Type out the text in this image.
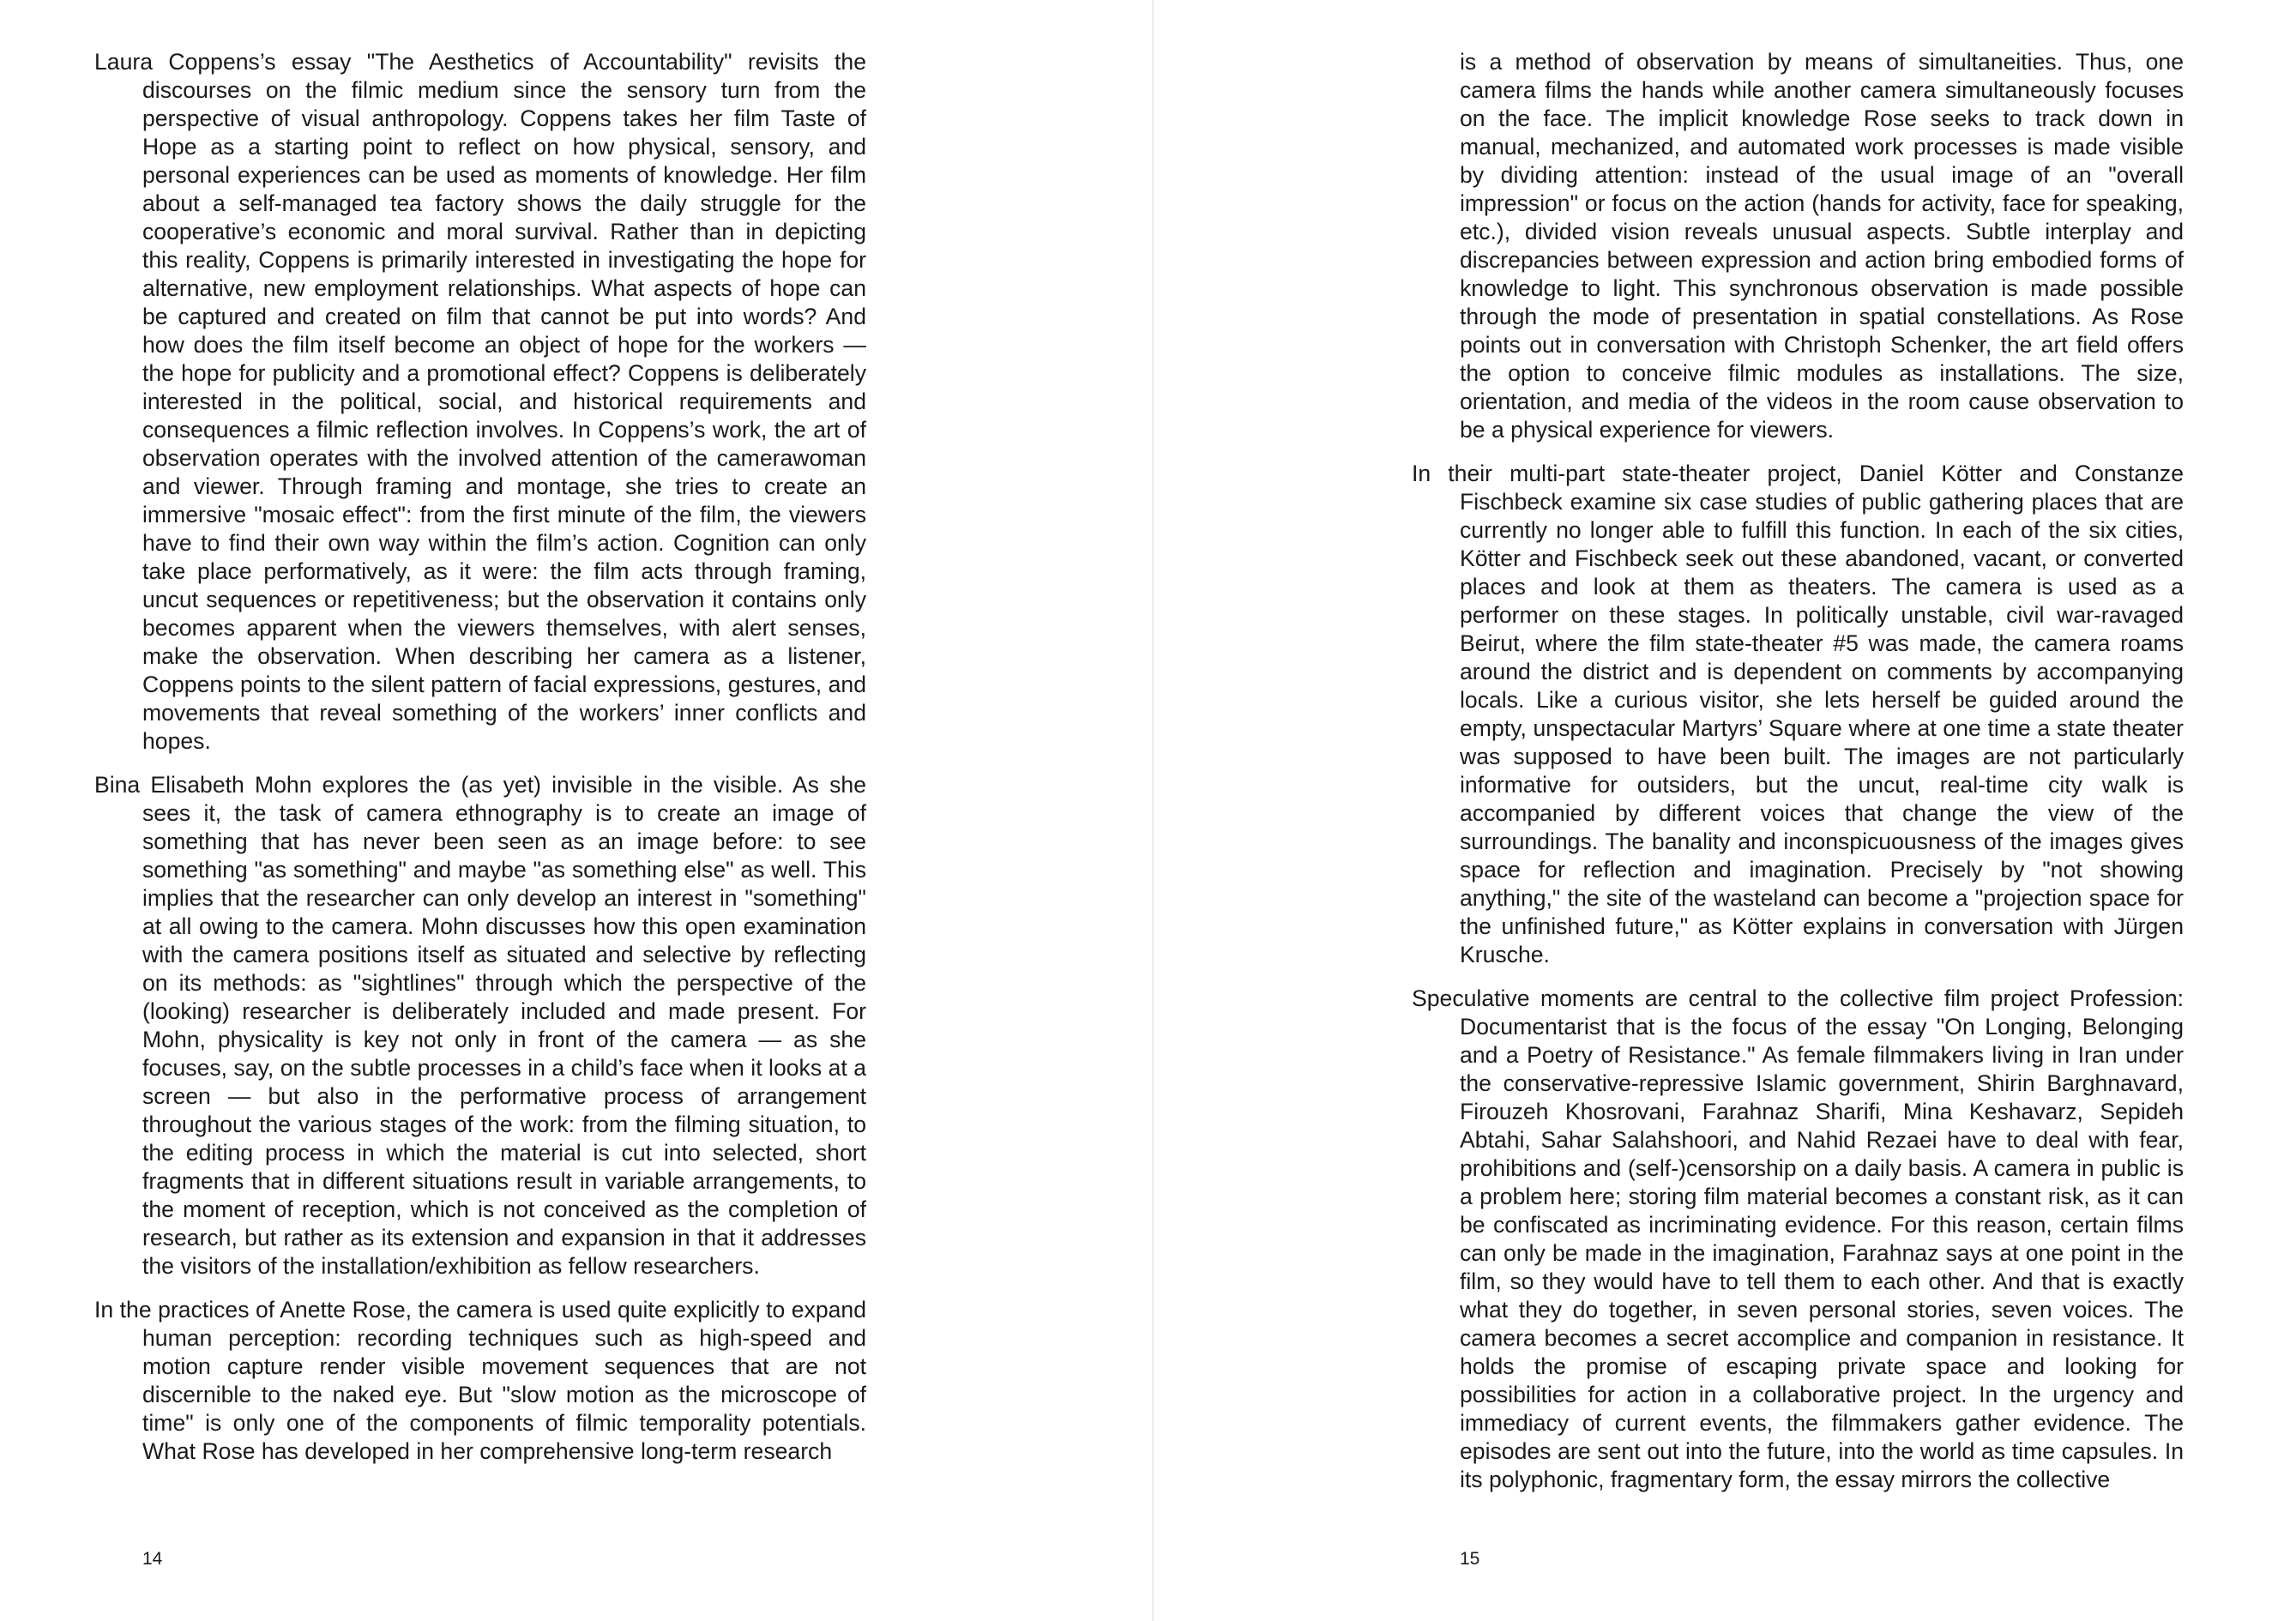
Laura Coppens’s essay "The Aesthetics of Accountability" revisits the discourses on the filmic medium since the sensory turn from the perspective of visual anthropology. Coppens takes her film Taste of Hope as a starting point to reflect on how physical, sensory, and personal experiences can be used as moments of knowledge. Her film about a self-managed tea factory shows the daily struggle for the cooperative’s economic and moral survival. Rather than in depicting this reality, Coppens is primarily interested in investigating the hope for alternative, new employment relationships. What aspects of hope can be captured and created on film that cannot be put into words? And how does the film itself become an object of hope for the workers — the hope for publicity and a promotional effect? Coppens is deliberately interested in the political, social, and historical requirements and consequences a filmic reflection involves. In Coppens’s work, the art of observation operates with the involved attention of the camerawoman and viewer. Through framing and montage, she tries to create an immersive "mosaic effect": from the first minute of the film, the viewers have to find their own way within the film’s action. Cognition can only take place performatively, as it were: the film acts through framing, uncut sequences or repetitiveness; but the observation it contains only becomes apparent when the viewers themselves, with alert senses, make the observation. When describing her camera as a listener, Coppens points to the silent pattern of facial expressions, gestures, and movements that reveal something of the workers’ inner conflicts and hopes.

Bina Elisabeth Mohn explores the (as yet) invisible in the visible. As she sees it, the task of camera ethnography is to create an image of something that has never been seen as an image before: to see something "as something" and maybe "as something else" as well. This implies that the researcher can only develop an interest in "something" at all owing to the camera. Mohn discusses how this open examination with the camera positions itself as situated and selective by reflecting on its methods: as "sightlines" through which the perspective of the (looking) researcher is deliberately included and made present. For Mohn, physicality is key not only in front of the camera — as she focuses, say, on the subtle processes in a child’s face when it looks at a screen — but also in the performative process of arrangement throughout the various stages of the work: from the filming situation, to the editing process in which the material is cut into selected, short fragments that in different situations result in variable arrangements, to the moment of reception, which is not conceived as the completion of research, but rather as its extension and expansion in that it addresses the visitors of the installation/exhibition as fellow researchers.

In the practices of Anette Rose, the camera is used quite explicitly to expand human perception: recording techniques such as high-speed and motion capture render visible movement sequences that are not discernible to the naked eye. But "slow motion as the microscope of time" is only one of the components of filmic temporality potentials. What Rose has developed in her comprehensive long-term research

14

is a method of observation by means of simultaneities. Thus, one camera films the hands while another camera simultaneously focuses on the face. The implicit knowledge Rose seeks to track down in manual, mechanized, and automated work processes is made visible by dividing attention: instead of the usual image of an "overall impression" or focus on the action (hands for activity, face for speaking, etc.), divided vision reveals unusual aspects. Subtle interplay and discrepancies between expression and action bring embodied forms of knowledge to light. This synchronous observation is made possible through the mode of presentation in spatial constellations. As Rose points out in conversation with Christoph Schenker, the art field offers the option to conceive filmic modules as installations. The size, orientation, and media of the videos in the room cause observation to be a physical experience for viewers.

In their multi-part state-theater project, Daniel Kötter and Constanze Fischbeck examine six case studies of public gathering places that are currently no longer able to fulfill this function. In each of the six cities, Kötter and Fischbeck seek out these abandoned, vacant, or converted places and look at them as theaters. The camera is used as a performer on these stages. In politically unstable, civil war-ravaged Beirut, where the film state-theater #5 was made, the camera roams around the district and is dependent on comments by accompanying locals. Like a curious visitor, she lets herself be guided around the empty, unspectacular Martyrs’ Square where at one time a state theater was supposed to have been built. The images are not particularly informative for outsiders, but the uncut, real-time city walk is accompanied by different voices that change the view of the surroundings. The banality and inconspicuousness of the images gives space for reflection and imagination. Precisely by "not showing anything," the site of the wasteland can become a "projection space for the unfinished future," as Kötter explains in conversation with Jürgen Krusche.

Speculative moments are central to the collective film project Profession: Documentarist that is the focus of the essay "On Longing, Belonging and a Poetry of Resistance." As female filmmakers living in Iran under the conservative-repressive Islamic government, Shirin Barghnavard, Firouzeh Khosrovani, Farahnaz Sharifi, Mina Keshavarz, Sepideh Abtahi, Sahar Salahshoori, and Nahid Rezaei have to deal with fear, prohibitions and (self-)censorship on a daily basis. A camera in public is a problem here; storing film material becomes a constant risk, as it can be confiscated as incriminating evidence. For this reason, certain films can only be made in the imagination, Farahnaz says at one point in the film, so they would have to tell them to each other. And that is exactly what they do together, in seven personal stories, seven voices. The camera becomes a secret accomplice and companion in resistance. It holds the promise of escaping private space and looking for possibilities for action in a collaborative project. In the urgency and immediacy of current events, the filmmakers gather evidence. The episodes are sent out into the future, into the world as time capsules. In its polyphonic, fragmentary form, the essay mirrors the collective

15
